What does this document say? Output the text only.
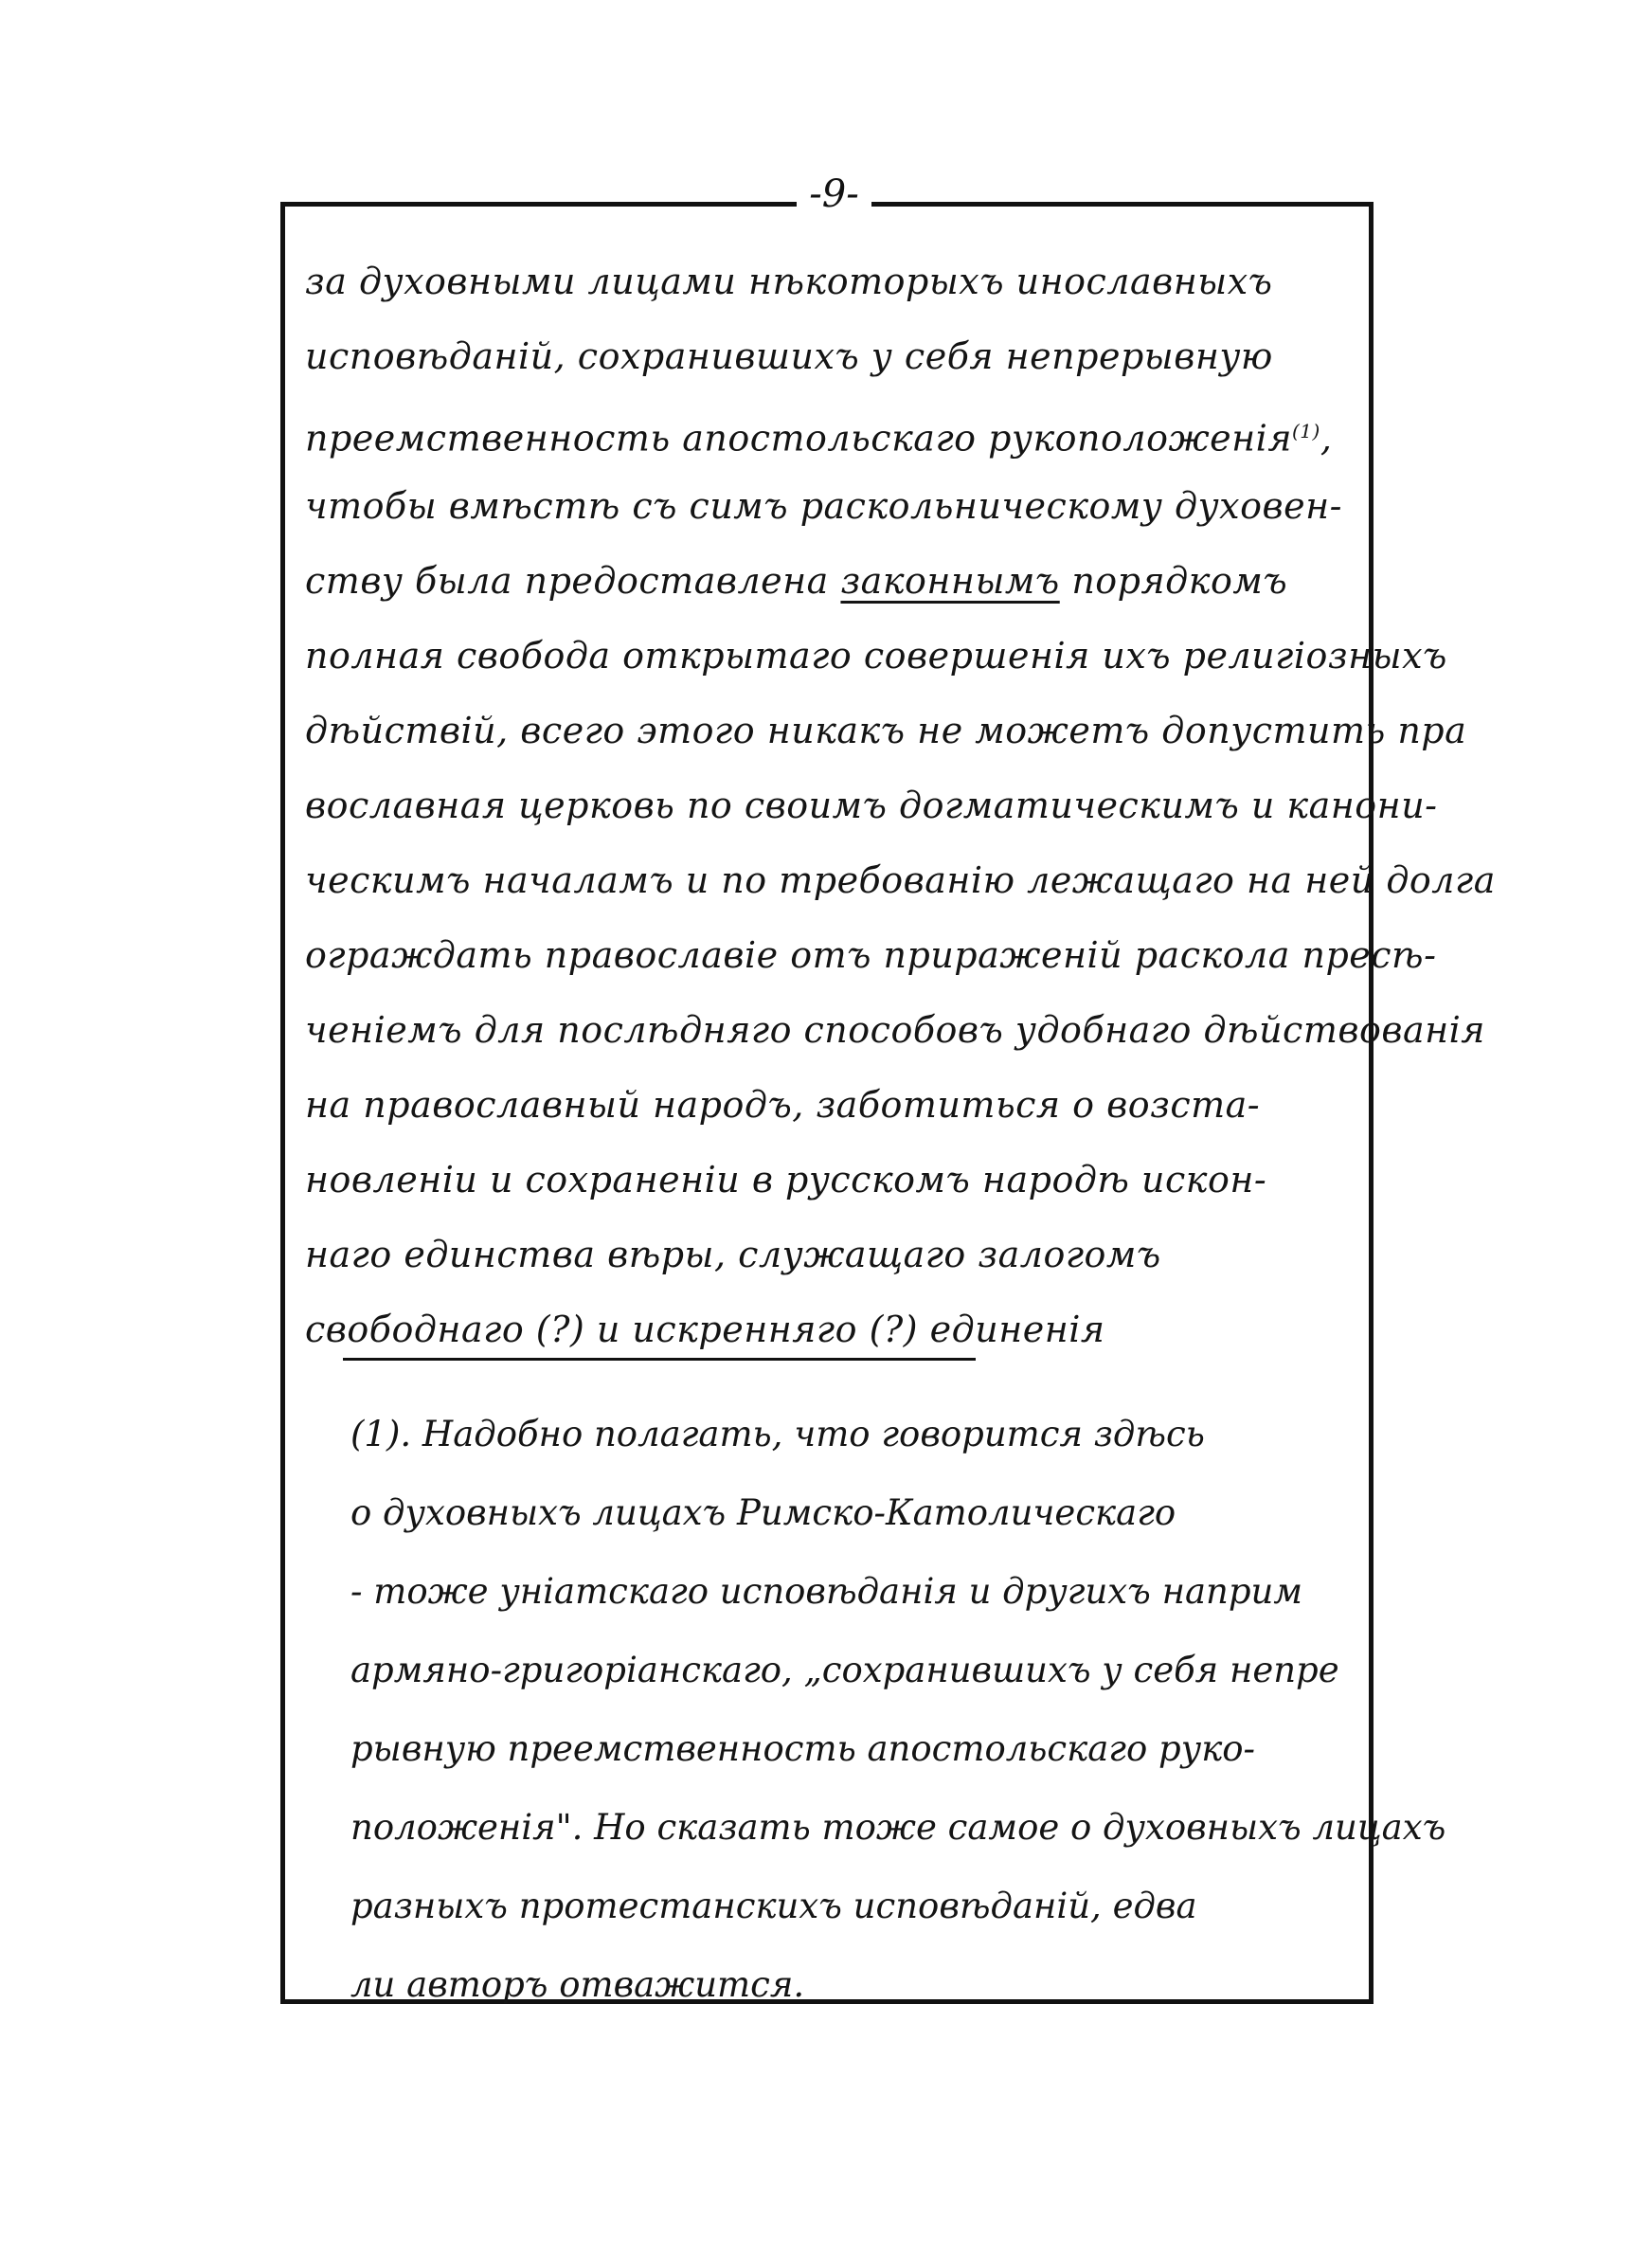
-9-
за духовными лицами нѣкоторыхъ инославныхъ
исповѣданій, сохранившихъ у себя непрерывную
преемственность апостольскаго рукоположенія$^{(1)}$,
чтобы вмѣстѣ съ симъ раскольническому духовен-
ству была предоставлена законнымъ порядкомъ
полная свобода открытаго совершенія ихъ религіозныхъ
дѣйствій, всего этого никакъ не можетъ допустить пра
вославная церковь по своимъ догматическимъ и канони-
ческимъ началамъ и по требованію лежащаго на ней долга
ограждать православіе отъ прираженій раскола пресѣ-
ченіемъ для послѣдняго способовъ удобнаго дѣйствованія
на православный народъ, заботиться о возста-
новленіи и сохраненіи в русскомъ народѣ искон-
наго единства вѣры, служащаго залогомъ
свободнаго (?) и искренняго (?) единенія
(1). Надобно полагать, что говорится здѣсь
о духовныхъ лицахъ Римско-Католическаго
- тоже уніатскаго исповѣданія и другихъ наприм
армяно-григоріанскаго, „сохранившихъ у себя непре
рывную преемственность апостольскаго руко-
положенія". Но сказать тоже самое о духовныхъ лицахъ
разныхъ протестанскихъ исповѣданій, едва
ли авторъ отважится.
